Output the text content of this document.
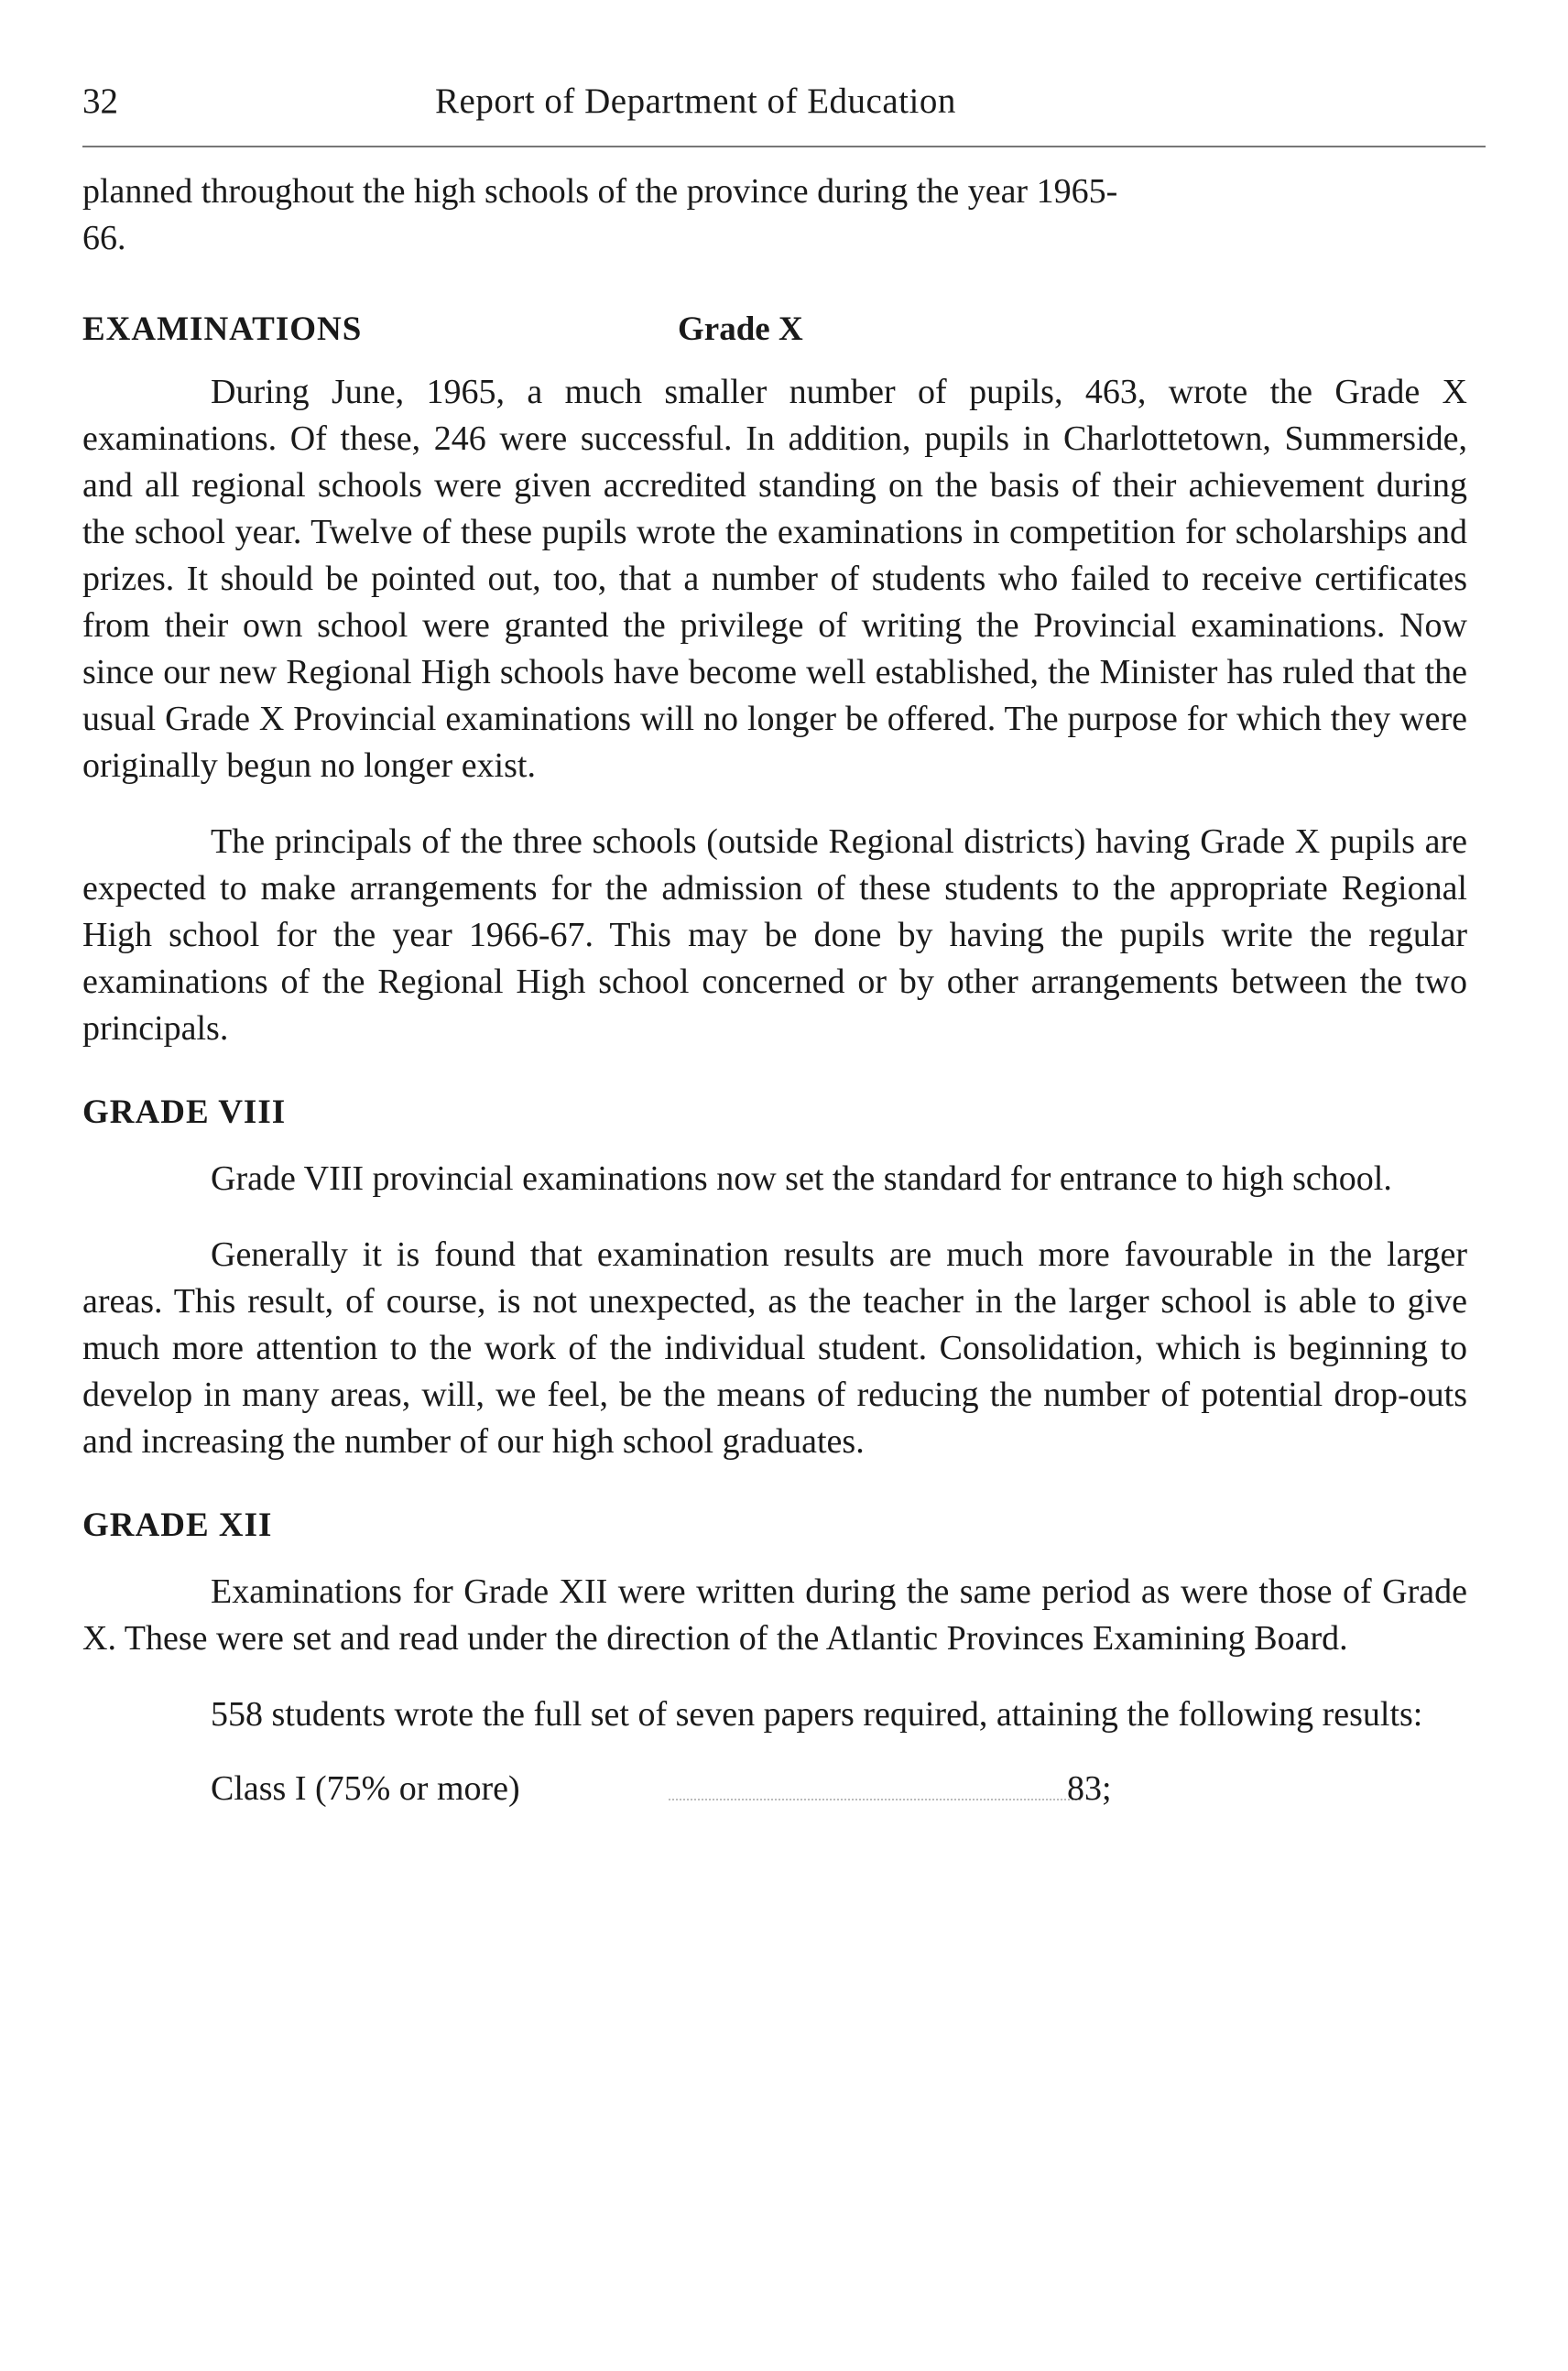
32	Report of Department of Education
planned throughout the high schools of the province during the year 1965-
66.
EXAMINATIONS	Grade X

During June, 1965, a much smaller number of pupils, 463, wrote the Grade X examinations. Of these, 246 were successful. In addition, pupils in Charlottetown, Summerside, and all regional schools were given accredited standing on the basis of their achievement during the school year. Twelve of these pupils wrote the examinations in competition for scholarships and prizes. It should be pointed out, too, that a number of students who failed to receive certificates from their own school were granted the privilege of writing the Provincial examinations. Now since our new Regional High schools have become well established, the Minister has ruled that the usual Grade X Provincial examinations will no longer be offered. The purpose for which they were originally begun no longer exist.

The principals of the three schools (outside Regional districts) having Grade X pupils are expected to make arrangements for the admission of these students to the appropriate Regional High school for the year 1966-67. This may be done by having the pupils write the regular examinations of the Regional High school concerned or by other arrangements between the two principals.

GRADE VIII

Grade VIII provincial examinations now set the standard for entrance to high school.

Generally it is found that examination results are much more favourable in the larger areas. This result, of course, is not unexpected, as the teacher in the larger school is able to give much more attention to the work of the individual student. Consolidation, which is beginning to develop in many areas, will, we feel, be the means of reducing the number of potential drop-outs and increasing the number of our high school graduates.

GRADE XII

Examinations for Grade XII were written during the same period as were those of Grade X. These were set and read under the direction of the Atlantic Provinces Examining Board.

558 students wrote the full set of seven papers required, attaining the following results:

Class I (75% or more)	83;
